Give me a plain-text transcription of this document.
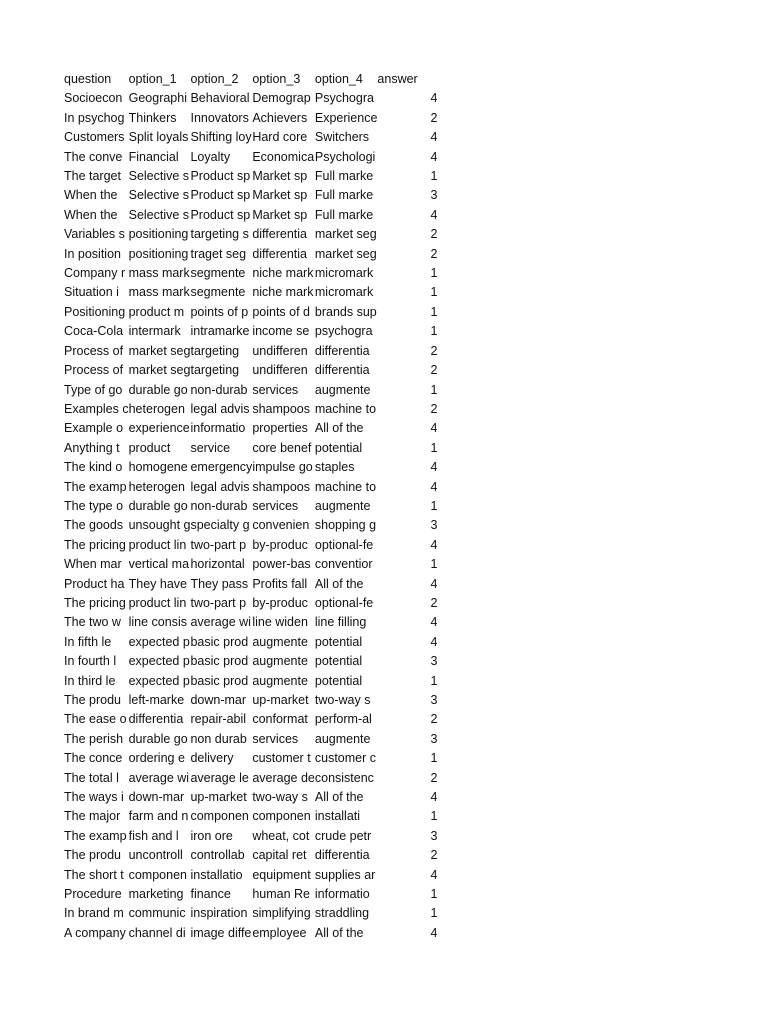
question	option_1	option_2	option_3	option_4	answer
Socioecon	Geographi	Behavioral	Demograp	Psychogra	4
In psychog	Thinkers	Innovators	Achievers	Experience	2
Customers	Split loyals	Shifting loy	Hard core	Switchers	4
The conve	Financial	Loyalty	Economica	Psychologi	4
The target	Selective s	Product sp	Market sp	Full marke	1
When the	Selective s	Product sp	Market sp	Full marke	3
When the	Selective s	Product sp	Market sp	Full marke	4
Variables s	positioning	targeting s	differentia	market seg	2
In position	positioning	traget seg	differentia	market seg	2
Company r	mass mark	segmente	niche mark	micromark	1
Situation i	mass mark	segmente	niche mark	micromark	1
Positioning	product m	points of p	points of d	brands sup	1
Coca-Cola	intermark	intramarke	income se	psychogra	1
Process of	market seg	targeting	undifferen	differentia	2
Process of	market seg	targeting	undifferen	differentia	2
Type of go	durable go	non-durab	services	augmente	1
Examples c	heterogen	legal advis	shampoos	machine to	2
Example o	experience	informatio	properties	All of the	4
Anything t	product	service	core benef	potential	1
The kind o	homogene	emergency	impulse go	staples	4
The examp	heterogen	legal advis	shampoos	machine to	4
The type o	durable go	non-durab	services	augmente	1
The goods	unsought g	specialty g	convenien	shopping g	3
The pricing	product lin	two-part p	by-produc	optional-fe	4
When mar	vertical ma	horizontal	power-bas	conventior	1
Product ha	They have	They pass	Profits fall	All of the	4
The pricing	product lin	two-part p	by-produc	optional-fe	2
The two w	line consis	average wi	line widen	line filling	4
In fifth le	expected p	basic prod	augmente	potential	4
In fourth l	expected p	basic prod	augmente	potential	3
In third le	expected p	basic prod	augmente	potential	1
The produ	left-marke	down-mar	up-market	two-way s	3
The ease o	differentia	repair-abil	conformat	perform-al	2
The perish	durable go	non durab	services	augmente	3
The conce	ordering e	delivery	customer t	customer c	1
The total l	average wi	average le	average de	consistenc	2
The ways i	down-mar	up-market	two-way s	All of the	4
The major	farm and n	componen	componen	installati	1
The examp	fish and l	iron ore	wheat, cot	crude petr	3
The produ	uncontroll	controllab	capital ret	differentia	2
The short t	componen	installatio	equipment	supplies ar	4
Procedure	marketing	finance	human Re	informatio	1
In brand m	communic	inspiration	simplifying	straddling	1
A company	channel di	image diffe	employee	All of the	4
